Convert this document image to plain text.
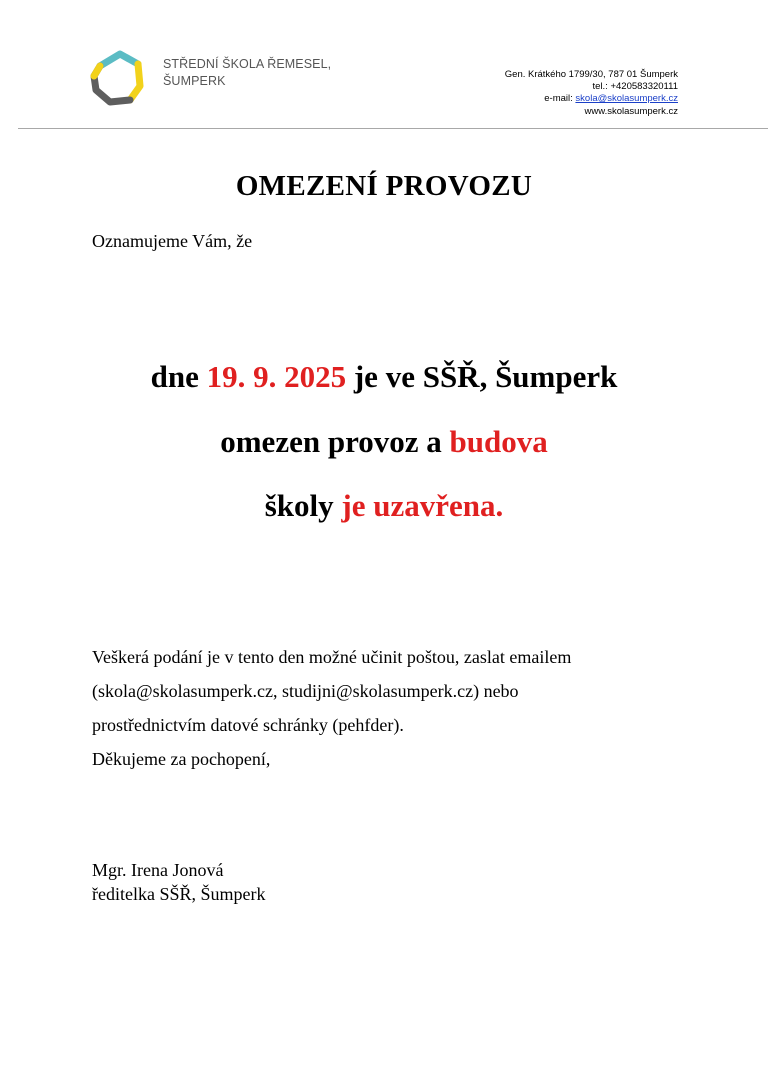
STŘEDNÍ ŠKOLA ŘEMESEL,
ŠUMPERK	Gen. Krátkého 1799/30, 787 01 Šumperk
tel.: +420583320111
e-mail: skola@skolasumperk.cz
www.skolasumperk.cz
OMEZENÍ PROVOZU
Oznamujeme Vám, že
dne 19. 9. 2025 je ve SŠŘ, Šumperk
omezen provoz a budova
školy je uzavřena.
Veškerá podání je v tento den možné učinit poštou, zaslat emailem
(skola@skolasumperk.cz, studijni@skolasumperk.cz) nebo
prostřednictvím datové schránky (pehfder).
Děkujeme za pochopení,
Mgr. Irena Jonová
ředitelka SŠŘ, Šumperk
